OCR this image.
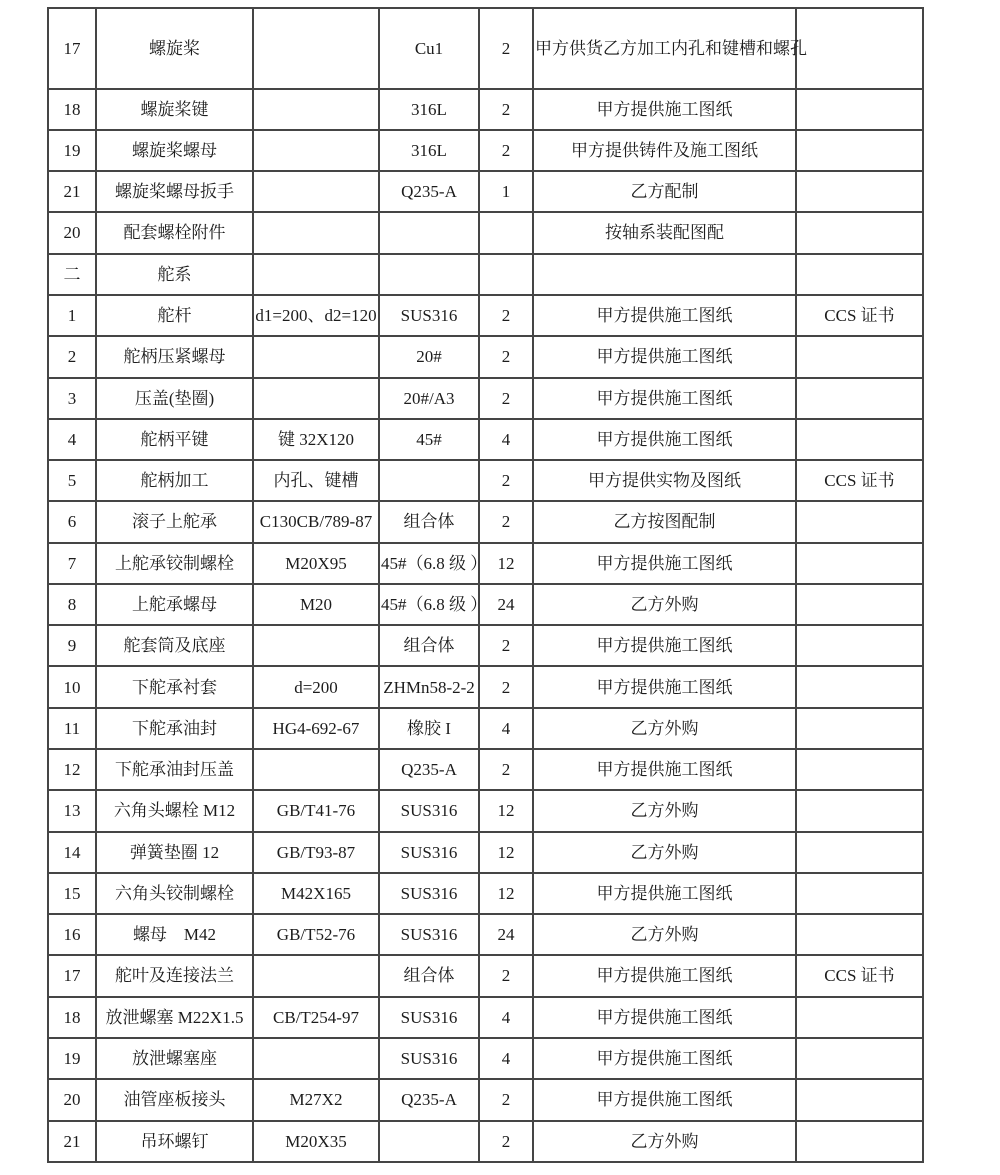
17	螺旋桨		Cu1	2	甲方供货乙方加工内孔和键槽和螺孔	
18	螺旋桨键		316L	2	甲方提供施工图纸	
19	螺旋桨螺母		316L	2	甲方提供铸件及施工图纸	
21	螺旋桨螺母扳手		Q235-A	1	乙方配制	
20	配套螺栓附件				按轴系装配图配	
二	舵系					
1	舵杆	d1=200、d2=120	SUS316	2	甲方提供施工图纸	CCS 证书
2	舵柄压紧螺母		20#	2	甲方提供施工图纸	
3	压盖(垫圈)		20#/A3	2	甲方提供施工图纸	
4	舵柄平键	键 32X120	45#	4	甲方提供施工图纸	
5	舵柄加工	内孔、键槽		2	甲方提供实物及图纸	CCS 证书
6	滚子上舵承	C130CB/789-87	组合体	2	乙方按图配制	
7	上舵承铰制螺栓	M20X95	45#（6.8 级 ）	12	甲方提供施工图纸	
8	上舵承螺母	M20	45#（6.8 级 ）	24	乙方外购	
9	舵套筒及底座		组合体	2	甲方提供施工图纸	
10	下舵承衬套	d=200	ZHMn58-2-2	2	甲方提供施工图纸	
11	下舵承油封	HG4-692-67	橡胶 I	4	乙方外购	
12	下舵承油封压盖		Q235-A	2	甲方提供施工图纸	
13	六角头螺栓 M12	GB/T41-76	SUS316	12	乙方外购	
14	弹簧垫圈 12	GB/T93-87	SUS316	12	乙方外购	
15	六角头铰制螺栓	M42X165	SUS316	12	甲方提供施工图纸	
16	螺母　M42	GB/T52-76	SUS316	24	乙方外购	
17	舵叶及连接法兰		组合体	2	甲方提供施工图纸	CCS 证书
18	放泄螺塞 M22X1.5	CB/T254-97	SUS316	4	甲方提供施工图纸	
19	放泄螺塞座		SUS316	4	甲方提供施工图纸	
20	油管座板接头	M27X2	Q235-A	2	甲方提供施工图纸	
21	吊环螺钉	M20X35		2	乙方外购	
